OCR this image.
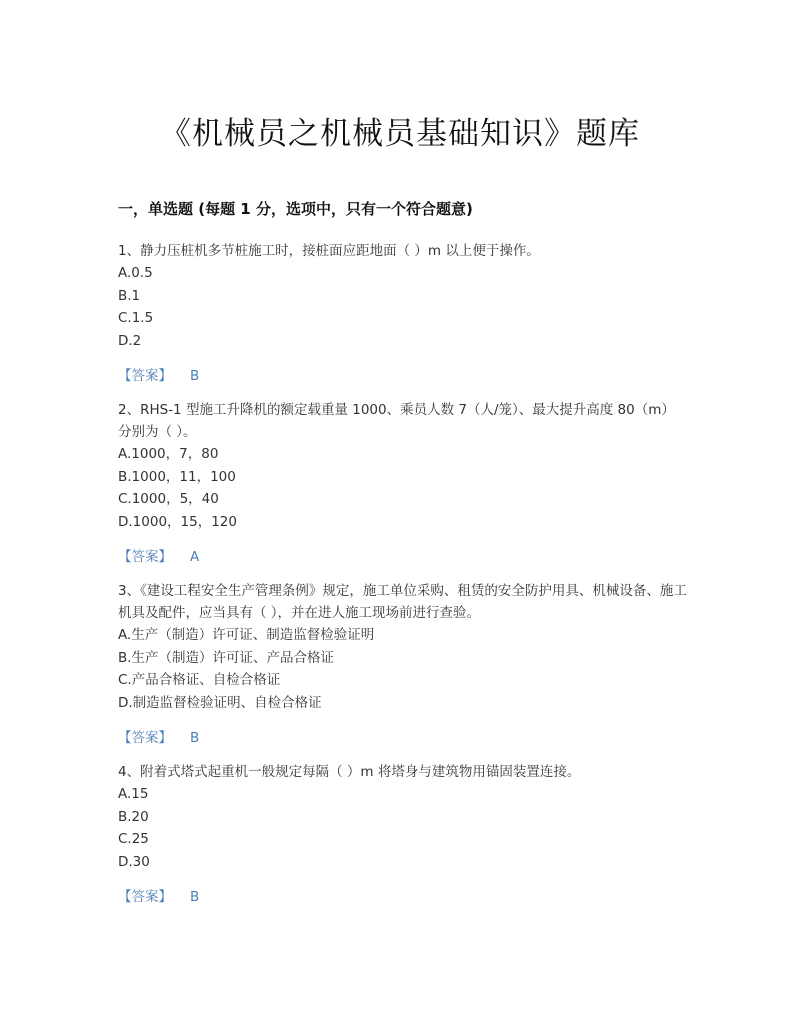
《机械员之机械员基础知识》题库
一，单选题 (每题 1 分，选项中，只有一个符合题意)
1、静力压桩机多节桩施工时，接桩面应距地面（ ）m 以上便于操作。
A.0.5
B.1
C.1.5
D.2
【答案】 B
2、RHS-1 型施工升降机的额定载重量 1000、乘员人数 7（人/笼）、最大提升高度 80（m）分别为（ ）。
A.1000，7，80
B.1000，11，100
C.1000，5，40
D.1000，15，120
【答案】 A
3、《建设工程安全生产管理条例》规定，施工单位采购、租赁的安全防护用具、机械设备、施工机具及配件，应当具有（ ），并在进人施工现场前进行查验。
A.生产（制造）许可证、制造监督检验证明
B.生产（制造）许可证、产品合格证
C.产品合格证、自检合格证
D.制造监督检验证明、自检合格证
【答案】 B
4、附着式塔式起重机一般规定每隔（ ）m 将塔身与建筑物用锚固装置连接。
A.15
B.20
C.25
D.30
【答案】 B
